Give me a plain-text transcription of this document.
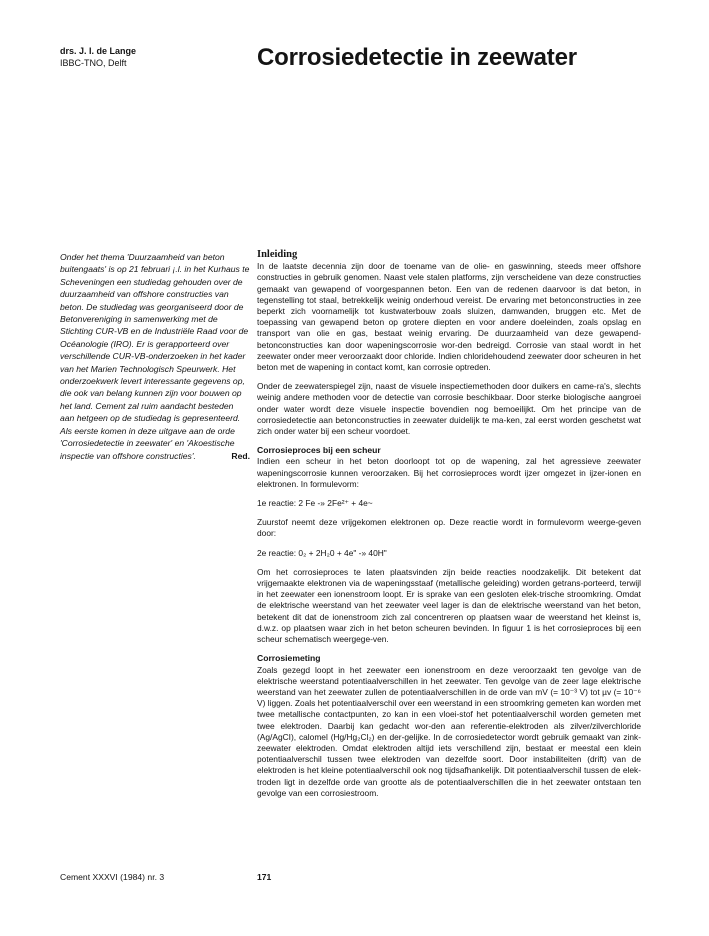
drs. J. I. de Lange
IBBC-TNO, Delft	Corrosiedetectie in zeewater

Onder het thema 'Duurzaamheid van beton buitengaats' is op 21 februari ¡.l. in het Kurhaus te Scheveningen een studiedag gehouden over de duurzaamheid van offshore constructies van beton. De studiedag was georganiseerd door de Betonvereniging in samenwerking met de Stichting CUR-VB en de Industriële Raad voor de Océanologie (IRO). Er is gerapporteerd over verschillende CUR-VB-onderzoeken in het kader van het Marien Technologisch Speurwerk. Het onderzoekwerk levert interessante gegevens op, die ook van belang kunnen zijn voor bouwen op het land. Cement zal ruim aandacht besteden aan hetgeen op de studiedag is gepresenteerd. Als eerste komen in deze uitgave aan de orde 'Corrosiedetectie in zeewater' en 'Akoestische inspectie van offshore constructies'.	Red.
Inleiding

In de laatste decennia zijn door de toename van de olie- en gaswinning, steeds meer offshore constructies in gebruik genomen. Naast vele stalen platforms, zijn verscheidene van deze constructies gemaakt van gewapend of voorgespannen beton. Een van de redenen daarvoor is dat beton, in tegenstelling tot staal, betrekkelijk weinig onderhoud vereist. De ervaring met betonconstructies in zee beperkt zich voornamelijk tot kustwaterbouw zoals sluizen, damwanden, bruggen etc. Met de toepassing van gewapend beton op grotere diepten en voor andere doeleinden, zoals opslag en transport van olie en gas, bestaat weinig ervaring. De duurzaamheid van deze gewapend-betonconstructies kan door wapeningscorrosie wor-den bedreigd. Corrosie van staal wordt in het zeewater onder meer veroorzaakt door chloride. Indien chloridehoudend zeewater door scheuren in het beton met de wapening in contact komt, kan corrosie optreden.

Onder de zeewaterspiegel zijn, naast de visuele inspectiemethoden door duikers en came-ra's, slechts weinig andere methoden voor de detectie van corrosie beschikbaar. Door sterke biologische aangroei onder water wordt deze visuele inspectie bovendien nog bemoeilijkt. Om het principe van de corrosiedetectie aan betonconstructies in zeewater duidelijk te ma-ken, zal eerst worden geschetst wat zich onder water bij een scheur voordoet.

Corrosieproces bij een scheur

Indien een scheur in het beton doorloopt tot op de wapening, zal het agressieve zeewater wapeningscorrosie kunnen veroorzaken. Bij het corrosieproces wordt ijzer omgezet in ijzer-ionen en elektronen. In formulevorm:

1e reactie: 2 Fe -» 2Fe²⁺ + 4e~

Zuurstof neemt deze vrijgekomen elektronen op. Deze reactie wordt in formulevorm weerge-geven door:

2e reactie: 0₂ + 2H₂0 + 4e" -» 40H"

Om het corrosieproces te laten plaatsvinden zijn beide reacties noodzakelijk. Dit betekent dat vrijgemaakte elektronen via de wapeningsstaaf (metallische geleiding) worden getrans-porteerd, terwijl in het zeewater een ionenstroom loopt. Er is sprake van een gesloten elek-trische stroomkring. Omdat de elektrische weerstand van het zeewater veel lager is dan de elektrische weerstand van het beton, betekent dit dat de ionenstroom zich zal concentreren op plaatsen waar de weerstand het kleinst is, d.w.z. op plaatsen waar zich in het beton scheuren bevinden. In figuur 1 is het corrosieproces bij een scheur schematisch weergege-ven.

Corrosiemeting

Zoals gezegd loopt in het zeewater een ionenstroom en deze veroorzaakt ten gevolge van de elektrische weerstand potentiaalverschillen in het zeewater. Ten gevolge van de zeer lage elektrische weerstand van het zeewater zullen de potentiaalverschillen in de orde van mV (= 10⁻³ V) tot µv (= 10⁻⁶ V) liggen. Zoals het potentiaalverschil over een weerstand in een stroomkring gemeten kan worden met twee metallische contactpunten, zo kan in een vloei-stof het potentiaalverschil worden gemeten met twee elektroden. Daarbij kan gedacht wor-den aan referentie-elektroden als zilver/zilverchloride (Ag/AgCI), calomel (Hg/Hg₂Cl₂) en der-gelijke. In de corrosiedetector wordt gebruik gemaakt van zink-zeewater elektroden. Omdat elektroden altijd iets verschillend zijn, bestaat er meestal een klein potentiaalverschil tussen twee elektroden van dezelfde soort. Door instabiliteiten (drift) van de elektroden is het kleine potentiaalverschil ook nog tijdsafhankelijk. Dit potentiaalverschil tussen de elek-troden ligt in dezelfde orde van grootte als de potentiaalverschillen die in het zeewater ontstaan ten gevolge van een corrosiestroom.

Cement XXXVI (1984) nr. 3	171
